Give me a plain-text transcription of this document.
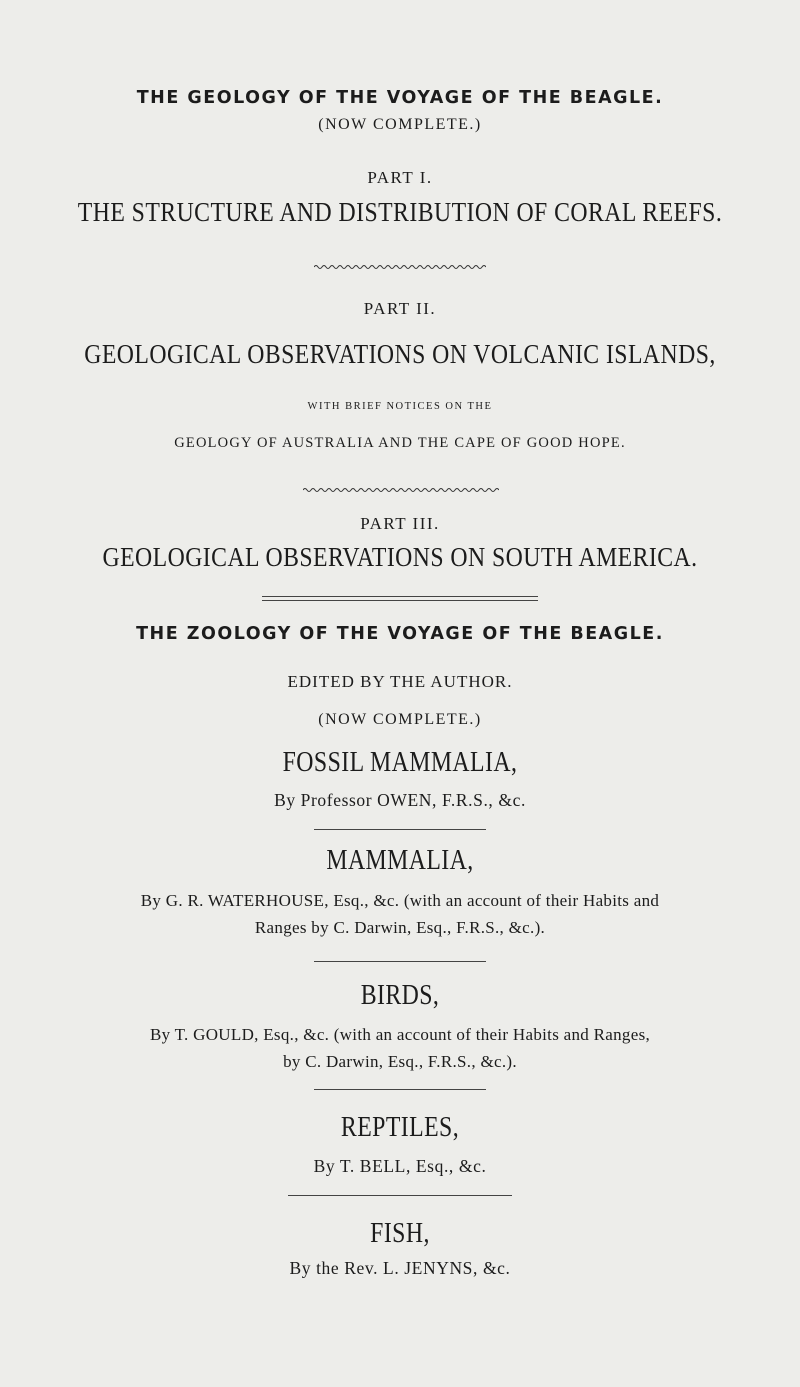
THE GEOLOGY OF THE VOYAGE OF THE BEAGLE.
(NOW COMPLETE.)
PART I.
THE STRUCTURE AND DISTRIBUTION OF CORAL REEFS.
PART II.
GEOLOGICAL OBSERVATIONS ON VOLCANIC ISLANDS,
WITH BRIEF NOTICES ON THE
GEOLOGY OF AUSTRALIA AND THE CAPE OF GOOD HOPE.
PART III.
GEOLOGICAL OBSERVATIONS ON SOUTH AMERICA.
THE ZOOLOGY OF THE VOYAGE OF THE BEAGLE.
EDITED BY THE AUTHOR.
(NOW COMPLETE.)
FOSSIL MAMMALIA,
By Professor OWEN, F.R.S., &c.
MAMMALIA,
By G. R. WATERHOUSE, Esq., &c. (with an account of their Habits and
Ranges by C. Darwin, Esq., F.R.S., &c.).
BIRDS,
By T. GOULD, Esq., &c. (with an account of their Habits and Ranges,
by C. Darwin, Esq., F.R.S., &c.).
REPTILES,
By T. BELL, Esq., &c.
FISH,
By the Rev. L. JENYNS, &c.
